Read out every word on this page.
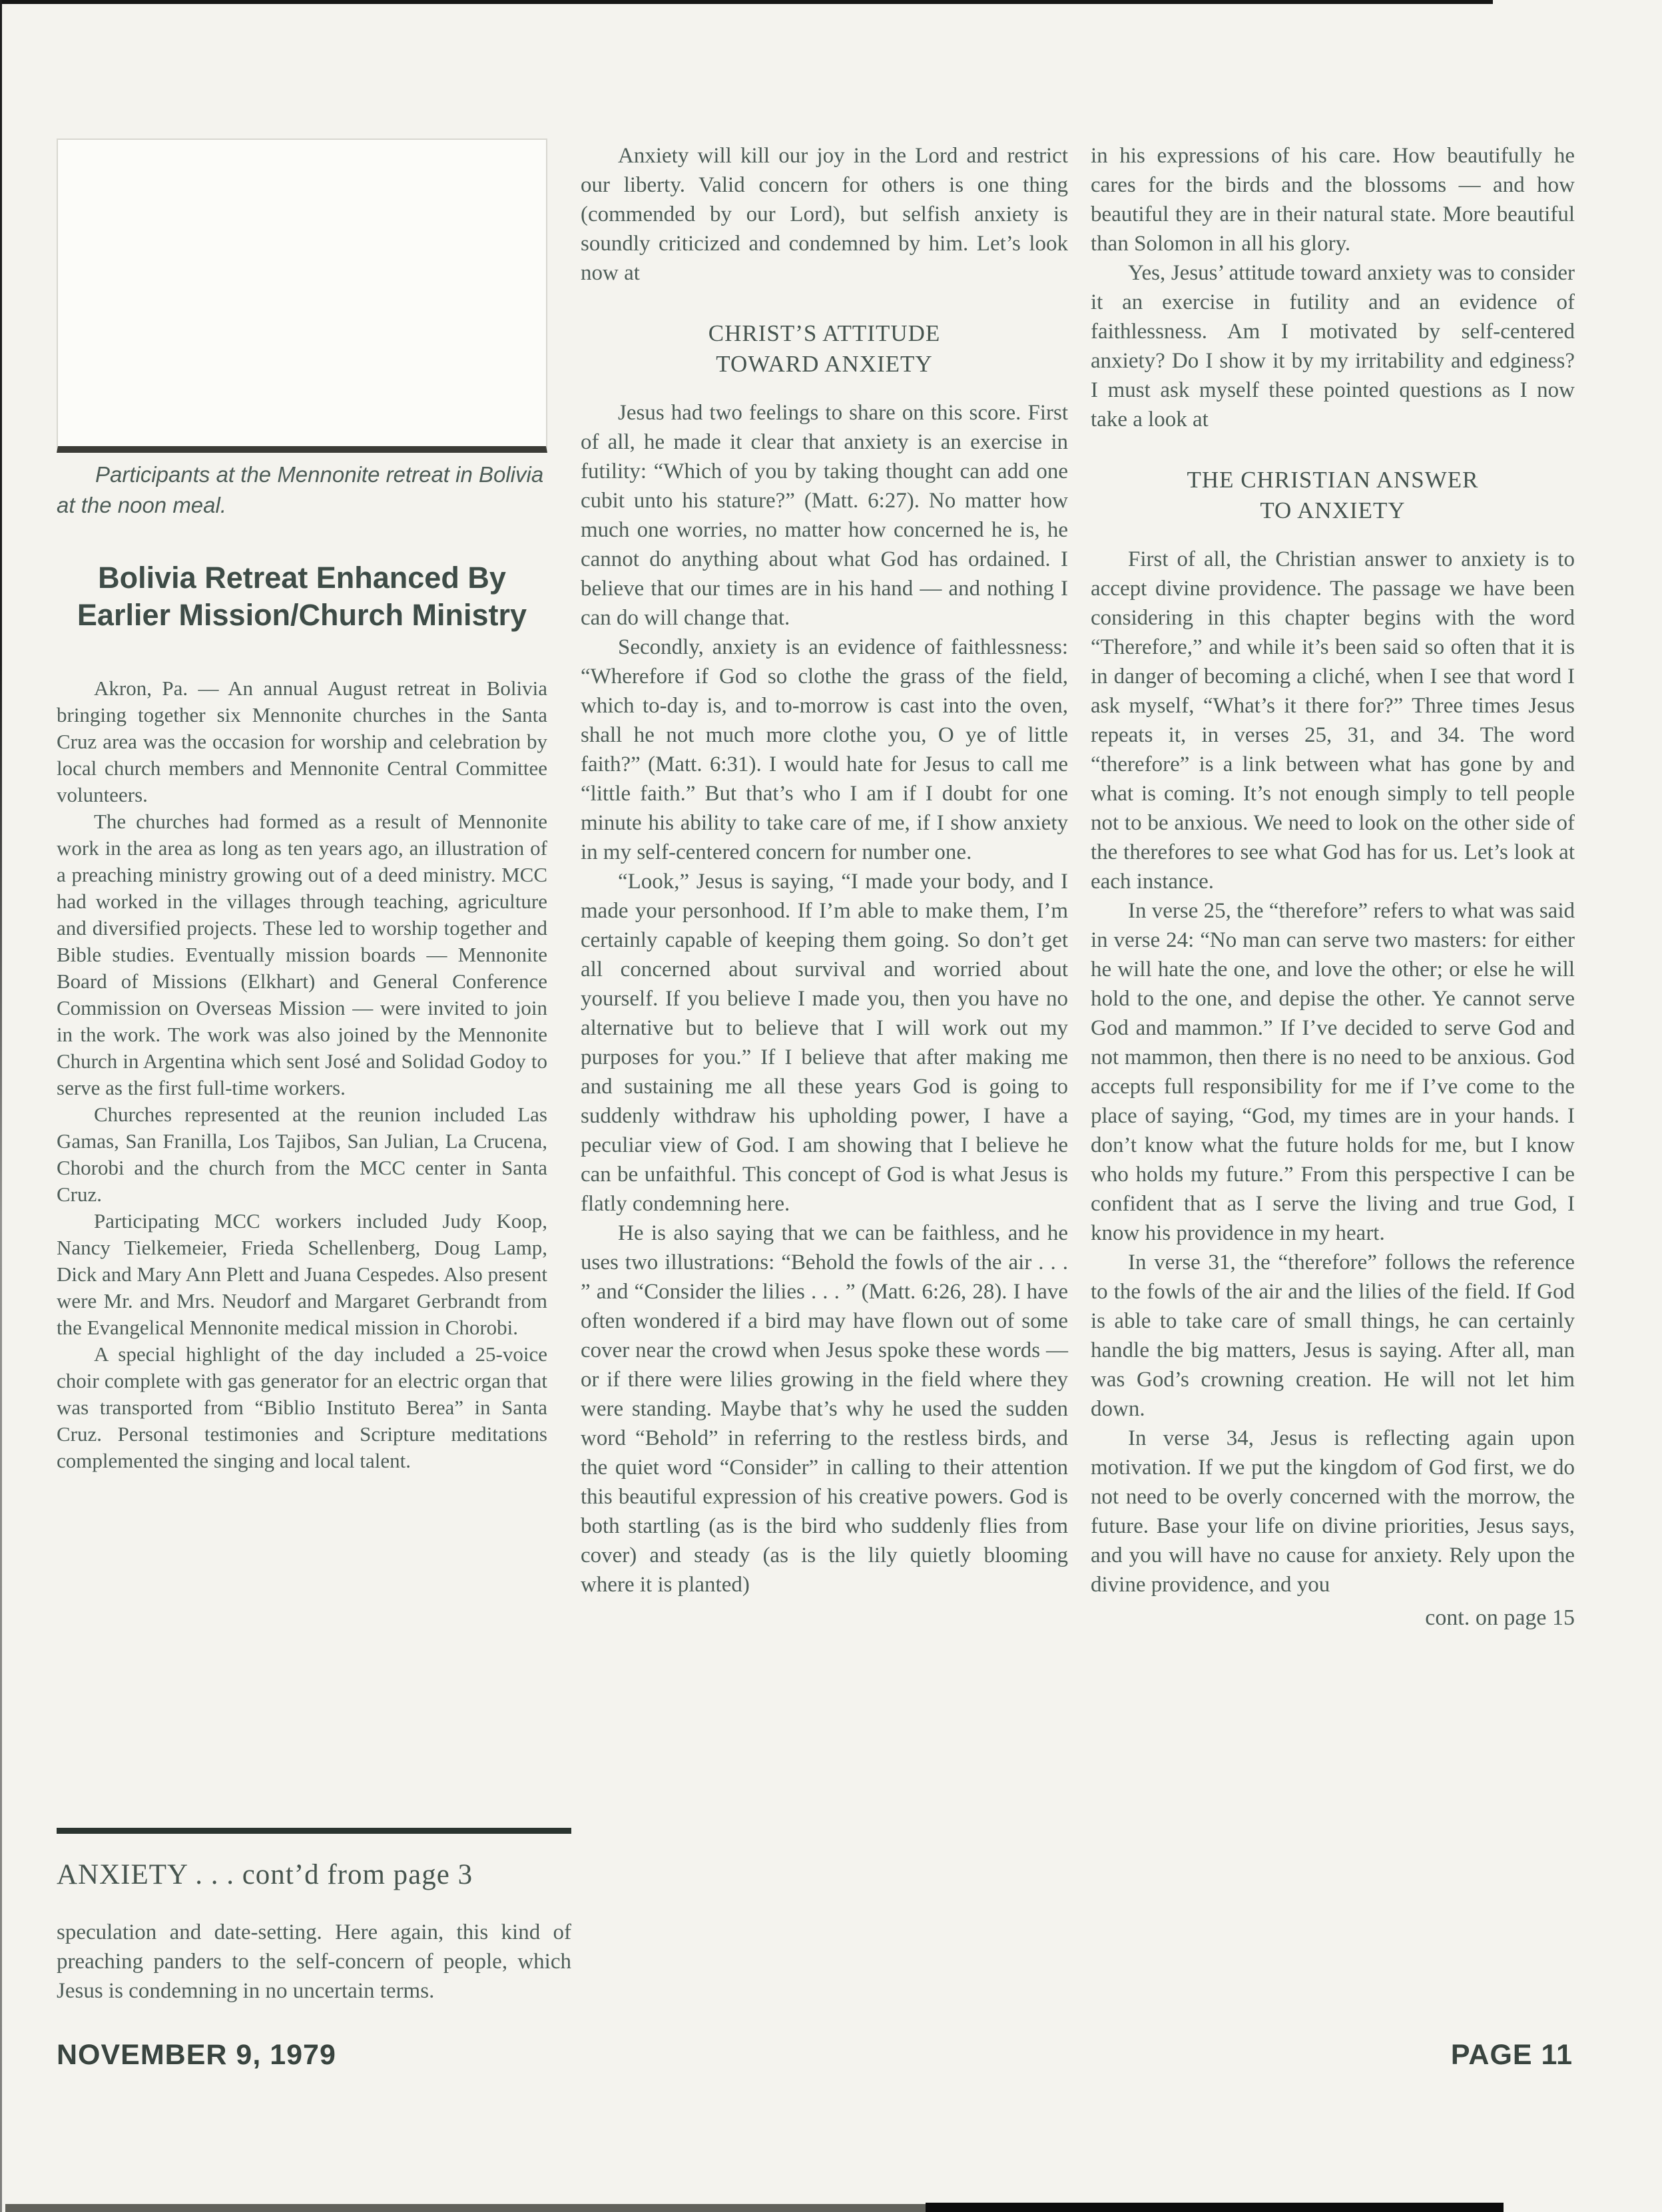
Participants at the Mennonite retreat in Bolivia at the noon meal.

Bolivia Retreat Enhanced By
Earlier Mission/Church Ministry

Akron, Pa. — An annual August retreat in Bolivia bringing together six Mennonite churches in the Santa Cruz area was the occasion for worship and celebration by local church members and Mennonite Central Committee volunteers.

The churches had formed as a result of Mennonite work in the area as long as ten years ago, an illustration of a preaching ministry growing out of a deed ministry. MCC had worked in the villages through teaching, agriculture and diversified projects. These led to worship together and Bible studies. Eventually mission boards — Mennonite Board of Missions (Elkhart) and General Conference Commission on Overseas Mission — were invited to join in the work. The work was also joined by the Mennonite Church in Argentina which sent José and Solidad Godoy to serve as the first full-time workers.

Churches represented at the reunion included Las Gamas, San Franilla, Los Tajibos, San Julian, La Crucena, Chorobi and the church from the MCC center in Santa Cruz.

Participating MCC workers included Judy Koop, Nancy Tielkemeier, Frieda Schellenberg, Doug Lamp, Dick and Mary Ann Plett and Juana Cespedes. Also present were Mr. and Mrs. Neudorf and Margaret Gerbrandt from the Evangelical Mennonite medical mission in Chorobi.

A special highlight of the day included a 25-voice choir complete with gas generator for an electric organ that was transported from “Biblio Instituto Berea” in Santa Cruz. Personal testimonies and Scripture meditations complemented the singing and local talent.

ANXIETY . . . cont’d from page 3

speculation and date-setting. Here again, this kind of preaching panders to the self-concern of people, which Jesus is condemning in no uncertain terms.

Anxiety will kill our joy in the Lord and restrict our liberty. Valid concern for others is one thing (commended by our Lord), but selfish anxiety is soundly criticized and condemned by him. Let’s look now at

CHRIST’S ATTITUDE
TOWARD ANXIETY

Jesus had two feelings to share on this score. First of all, he made it clear that anxiety is an exercise in futility: “Which of you by taking thought can add one cubit unto his stature?” (Matt. 6:27). No matter how much one worries, no matter how concerned he is, he cannot do anything about what God has ordained. I believe that our times are in his hand — and nothing I can do will change that.

Secondly, anxiety is an evidence of faithlessness: “Wherefore if God so clothe the grass of the field, which to-day is, and to-morrow is cast into the oven, shall he not much more clothe you, O ye of little faith?” (Matt. 6:31). I would hate for Jesus to call me “little faith.” But that’s who I am if I doubt for one minute his ability to take care of me, if I show anxiety in my self-centered concern for number one.

“Look,” Jesus is saying, “I made your body, and I made your personhood. If I’m able to make them, I’m certainly capable of keeping them going. So don’t get all concerned about survival and worried about yourself. If you believe I made you, then you have no alternative but to believe that I will work out my purposes for you.” If I believe that after making me and sustaining me all these years God is going to suddenly withdraw his upholding power, I have a peculiar view of God. I am showing that I believe he can be unfaithful. This concept of God is what Jesus is flatly condemning here.

He is also saying that we can be faithless, and he uses two illustrations: “Behold the fowls of the air . . . ” and “Consider the lilies . . . ” (Matt. 6:26, 28). I have often wondered if a bird may have flown out of some cover near the crowd when Jesus spoke these words — or if there were lilies growing in the field where they were standing. Maybe that’s why he used the sudden word “Behold” in referring to the restless birds, and the quiet word “Consider” in calling to their attention this beautiful expression of his creative powers. God is both startling (as is the bird who suddenly flies from cover) and steady (as is the lily quietly blooming where it is planted)

in his expressions of his care. How beautifully he cares for the birds and the blossoms — and how beautiful they are in their natural state. More beautiful than Solomon in all his glory.

Yes, Jesus’ attitude toward anxiety was to consider it an exercise in futility and an evidence of faithlessness. Am I motivated by self-centered anxiety? Do I show it by my irritability and edginess? I must ask myself these pointed questions as I now take a look at

THE CHRISTIAN ANSWER
TO ANXIETY

First of all, the Christian answer to anxiety is to accept divine providence. The passage we have been considering in this chapter begins with the word “Therefore,” and while it’s been said so often that it is in danger of becoming a cliché, when I see that word I ask myself, “What’s it there for?” Three times Jesus repeats it, in verses 25, 31, and 34. The word “therefore” is a link between what has gone by and what is coming. It’s not enough simply to tell people not to be anxious. We need to look on the other side of the therefores to see what God has for us. Let’s look at each instance.

In verse 25, the “therefore” refers to what was said in verse 24: “No man can serve two masters: for either he will hate the one, and love the other; or else he will hold to the one, and depise the other. Ye cannot serve God and mammon.” If I’ve decided to serve God and not mammon, then there is no need to be anxious. God accepts full responsibility for me if I’ve come to the place of saying, “God, my times are in your hands. I don’t know what the future holds for me, but I know who holds my future.” From this perspective I can be confident that as I serve the living and true God, I know his providence in my heart.

In verse 31, the “therefore” follows the reference to the fowls of the air and the lilies of the field. If God is able to take care of small things, he can certainly handle the big matters, Jesus is saying. After all, man was God’s crowning creation. He will not let him down.

In verse 34, Jesus is reflecting again upon motivation. If we put the kingdom of God first, we do not need to be overly concerned with the morrow, the future. Base your life on divine priorities, Jesus says, and you will have no cause for anxiety. Rely upon the divine providence, and you

cont. on page 15

NOVEMBER 9, 1979	PAGE 11
